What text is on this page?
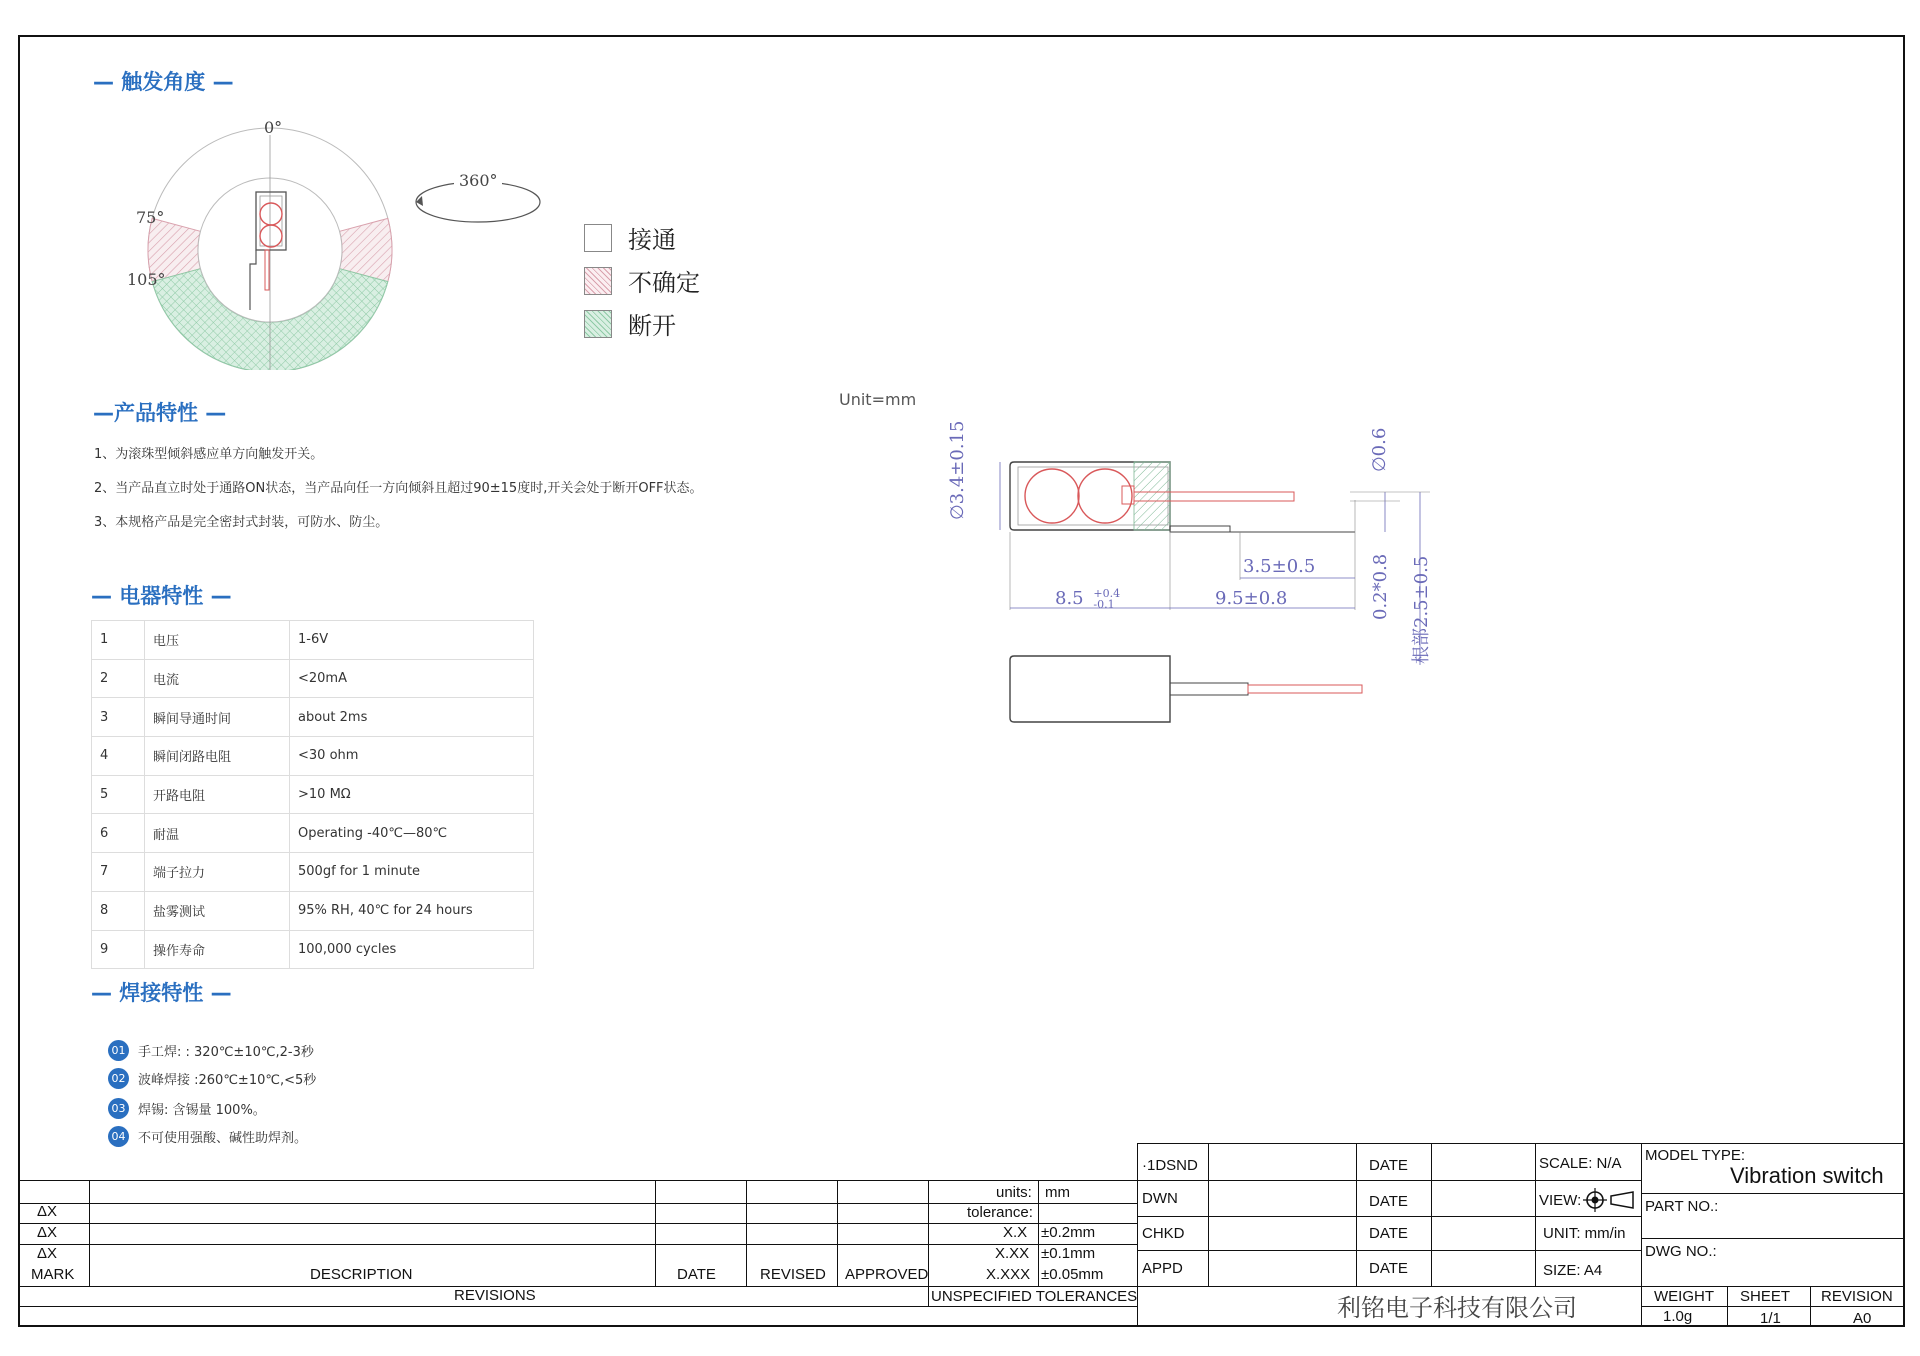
— 触发角度 —
—产品特性 —
— 电器特性 —
— 焊接特性 —
0°
75°
105°
360°
接通
不确定
断开
1、为滚珠型倾斜感应单方向触发开关。
2、当产品直立时处于通路ON状态，当产品向任一方向倾斜且超过90±15度时,开关会处于断开OFF状态。
3、本规格产品是完全密封式封装，可防水、防尘。
1	电压	1-6V
2	电流	<20mA
3	瞬间导通时间	about 2ms
4	瞬间闭路电阻	<30 ohm
5	开路电阻	>10 MΩ
6	耐温	Operating -40℃—80℃
7	端子拉力	500gf for 1 minute
8	盐雾测试	95% RH, 40℃ for 24 hours
9	操作寿命	100,000 cycles
01 手工焊: : 320℃±10℃,2-3秒
02 波峰焊接 :260℃±10℃,<5秒
03 焊锡: 含锡量 100%。
04 不可使用强酸、碱性助焊剂。
Unit=mm
∅3.4±0.15	∅0.6
3.5±0.5
8.5 +0.4
-0.1	9.5±0.8	0.2*0.8 根部2.5±0.5
ΔX
ΔX
ΔX
MARK	DESCRIPTION	DATE	REVISED APPROVED
REVISIONS
units: mm
tolerance:
X.X ±0.2mm
X.XX ±0.1mm
X.XXX ±0.05mm
UNSPECIFIED TOLERANCES
·1DSND	DATE	SCALE: N/A
DWN	DATE	VIEW:
CHKD	DATE	UNIT: mm/in
APPD	DATE	SIZE: A4
利铭电子科技有限公司
MODEL TYPE:
Vibration switch
PART NO.:
DWG NO.:
WEIGHT SHEET REVISION
1.0g	1/1	A0
